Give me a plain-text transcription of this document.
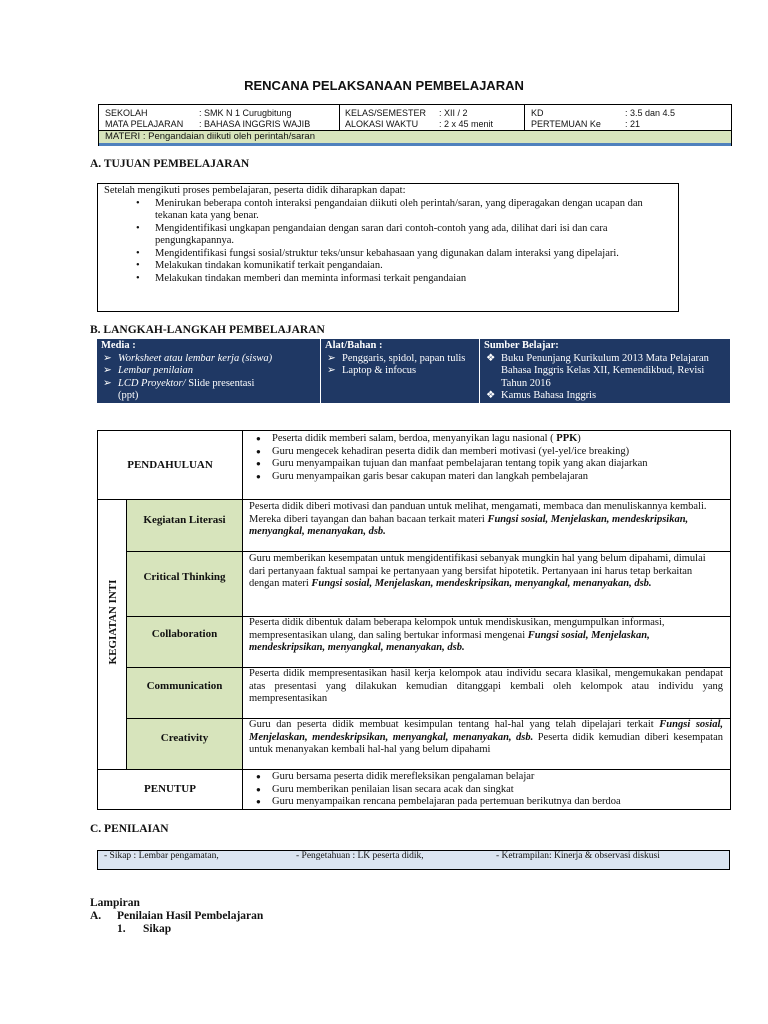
RENCANA PELAKSANAAN PEMBELAJARAN
SEKOLAH	: SMK N 1 Curugbitung	KELAS/SEMESTER : XII / 2	KD	: 3.5 dan 4.5
MATA PELAJARAN : BAHASA INGGRIS WAJIB	ALOKASI WAKTU : 2 x 45 menit	PERTEMUAN Ke	: 21
MATERI : Pengandaian diikuti oleh perintah/saran
A. TUJUAN PEMBELAJARAN
Setelah mengikuti proses pembelajaran, peserta didik diharapkan dapat:
• Menirukan beberapa contoh interaksi pengandaian diikuti oleh perintah/saran, yang diperagakan dengan ucapan dan tekanan kata yang benar.
• Mengidentifikasi ungkapan pengandaian dengan saran dari contoh-contoh yang ada, dilihat dari isi dan cara pengungkapannya.
• Mengidentifikasi fungsi sosial/struktur teks/unsur kebahasaan yang digunakan dalam interaksi yang dipelajari.
• Melakukan tindakan komunikatif terkait pengandaian.
• Melakukan tindakan memberi dan meminta informasi terkait pengandaian
B. LANGKAH-LANGKAH PEMBELAJARAN
Media :
➢ Worksheet atau lembar kerja (siswa)
➢ Lembar penilaian
➢ LCD Proyektor/ Slide presentasi
(ppt)
Alat/Bahan :
➢ Penggaris, spidol, papan tulis
➢ Laptop & infocus
Sumber Belajar:
❖ Buku Penunjang Kurikulum 2013 Mata Pelajaran Bahasa Inggris Kelas XII, Kemendikbud, Revisi Tahun 2016
❖ Kamus Bahasa Inggris
PENDAHULUAN
● Peserta didik memberi salam, berdoa, menyanyikan lagu nasional ( PPK)
● Guru mengecek kehadiran peserta didik dan memberi motivasi (yel-yel/ice breaking)
● Guru menyampaikan tujuan dan manfaat pembelajaran tentang topik yang akan diajarkan
● Guru menyampaikan garis besar cakupan materi dan langkah pembelajaran
KEGIATAN INTI
Kegiatan Literasi
Peserta didik diberi motivasi dan panduan untuk melihat, mengamati, membaca dan menuliskannya kembali. Mereka diberi tayangan dan bahan bacaan terkait materi Fungsi sosial, Menjelaskan, mendeskripsikan, menyangkal, menanyakan, dsb.
Critical Thinking
Guru memberikan kesempatan untuk mengidentifikasi sebanyak mungkin hal yang belum dipahami, dimulai dari pertanyaan faktual sampai ke pertanyaan yang bersifat hipotetik. Pertanyaan ini harus tetap berkaitan dengan materi Fungsi sosial, Menjelaskan, mendeskripsikan, menyangkal, menanyakan, dsb.
Collaboration
Peserta didik dibentuk dalam beberapa kelompok untuk mendiskusikan, mengumpulkan informasi, mempresentasikan ulang, dan saling bertukar informasi mengenai Fungsi sosial, Menjelaskan, mendeskripsikan, menyangkal, menanyakan, dsb.
Communication
Peserta didik mempresentasikan hasil kerja kelompok atau individu secara klasikal, mengemukakan pendapat atas presentasi yang dilakukan kemudian ditanggapi kembali oleh kelompok atau individu yang mempresentasikan
Creativity
Guru dan peserta didik membuat kesimpulan tentang hal-hal yang telah dipelajari terkait Fungsi sosial, Menjelaskan, mendeskripsikan, menyangkal, menanyakan, dsb. Peserta didik kemudian diberi kesempatan untuk menanyakan kembali hal-hal yang belum dipahami
PENUTUP
● Guru bersama peserta didik merefleksikan pengalaman belajar
● Guru memberikan penilaian lisan secara acak dan singkat
● Guru menyampaikan rencana pembelajaran pada pertemuan berikutnya dan berdoa
C. PENILAIAN
- Sikap : Lembar pengamatan,	- Pengetahuan : LK peserta didik,	- Ketrampilan: Kinerja & observasi diskusi
Lampiran
A. Penilaian Hasil Pembelajaran
1. Sikap
